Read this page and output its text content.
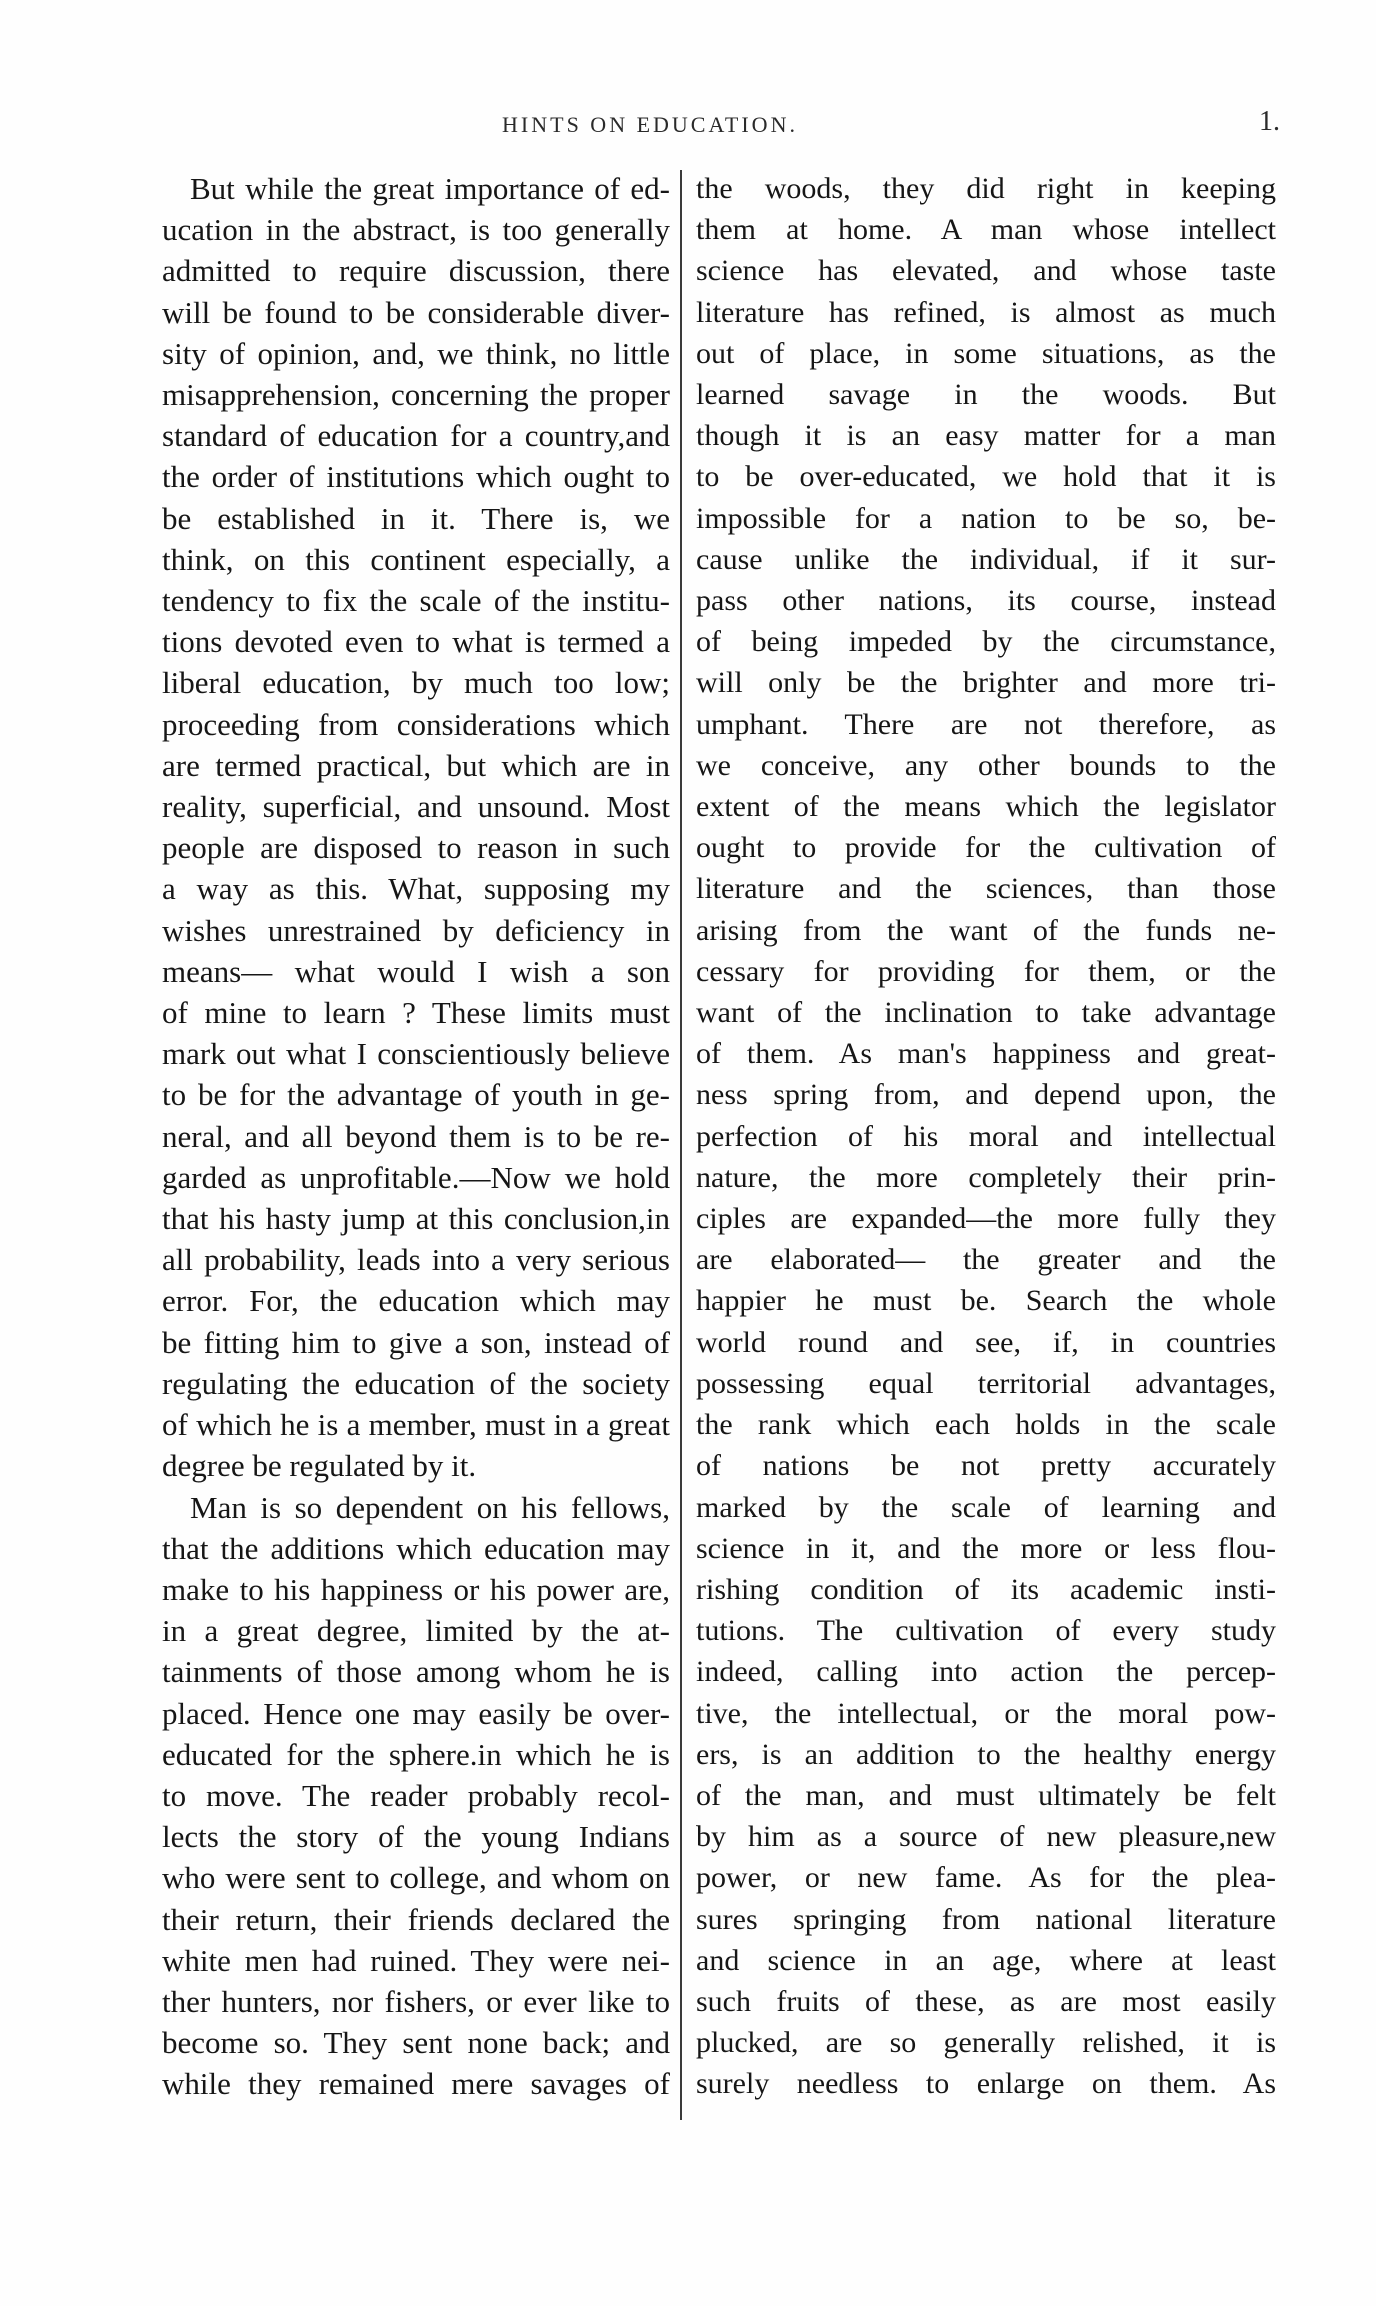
HINTS ON EDUCATION.	1.
But while the great importance of ed-
ucation in the abstract, is too generally
admitted to require discussion, there
will be found to be considerable diver-
sity of opinion, and, we think, no little
misapprehension, concerning the proper
standard of education for a country,and
the order of institutions which ought to
be established in it. There is, we
think, on this continent especially, a
tendency to fix the scale of the institu-
tions devoted even to what is termed a
liberal education, by much too low;
proceeding from considerations which
are termed practical, but which are in
reality, superficial, and unsound. Most
people are disposed to reason in such
a way as this. What, supposing my
wishes unrestrained by deficiency in
means— what would I wish a son
of mine to learn ? These limits must
mark out what I conscientiously believe
to be for the advantage of youth in ge-
neral, and all beyond them is to be re-
garded as unprofitable.—Now we hold
that his hasty jump at this conclusion,in
all probability, leads into a very serious
error. For, the education which may
be fitting him to give a son, instead of
regulating the education of the society
of which he is a member, must in a great
degree be regulated by it.
Man is so dependent on his fellows,
that the additions which education may
make to his happiness or his power are,
in a great degree, limited by the at-
tainments of those among whom he is
placed. Hence one may easily be over-
educated for the sphere.in which he is
to move. The reader probably recol-
lects the story of the young Indians
who were sent to college, and whom on
their return, their friends declared the
white men had ruined. They were nei-
ther hunters, nor fishers, or ever like to
become so. They sent none back; and
while they remained mere savages of
the woods, they did right in keeping
them at home. A man whose intellect
science has elevated, and whose taste
literature has refined, is almost as much
out of place, in some situations, as the
learned savage in the woods. But
though it is an easy matter for a man
to be over-educated, we hold that it is
impossible for a nation to be so, be-
cause unlike the individual, if it sur-
pass other nations, its course, instead
of being impeded by the circumstance,
will only be the brighter and more tri-
umphant. There are not therefore, as
we conceive, any other bounds to the
extent of the means which the legislator
ought to provide for the cultivation of
literature and the sciences, than those
arising from the want of the funds ne-
cessary for providing for them, or the
want of the inclination to take advantage
of them. As man's happiness and great-
ness spring from, and depend upon, the
perfection of his moral and intellectual
nature, the more completely their prin-
ciples are expanded—the more fully they
are elaborated— the greater and the
happier he must be. Search the whole
world round and see, if, in countries
possessing equal territorial advantages,
the rank which each holds in the scale
of nations be not pretty accurately
marked by the scale of learning and
science in it, and the more or less flou-
rishing condition of its academic insti-
tutions. The cultivation of every study
indeed, calling into action the percep-
tive, the intellectual, or the moral pow-
ers, is an addition to the healthy energy
of the man, and must ultimately be felt
by him as a source of new pleasure,new
power, or new fame. As for the plea-
sures springing from national literature
and science in an age, where at least
such fruits of these, as are most easily
plucked, are so generally relished, it is
surely needless to enlarge on them. As
